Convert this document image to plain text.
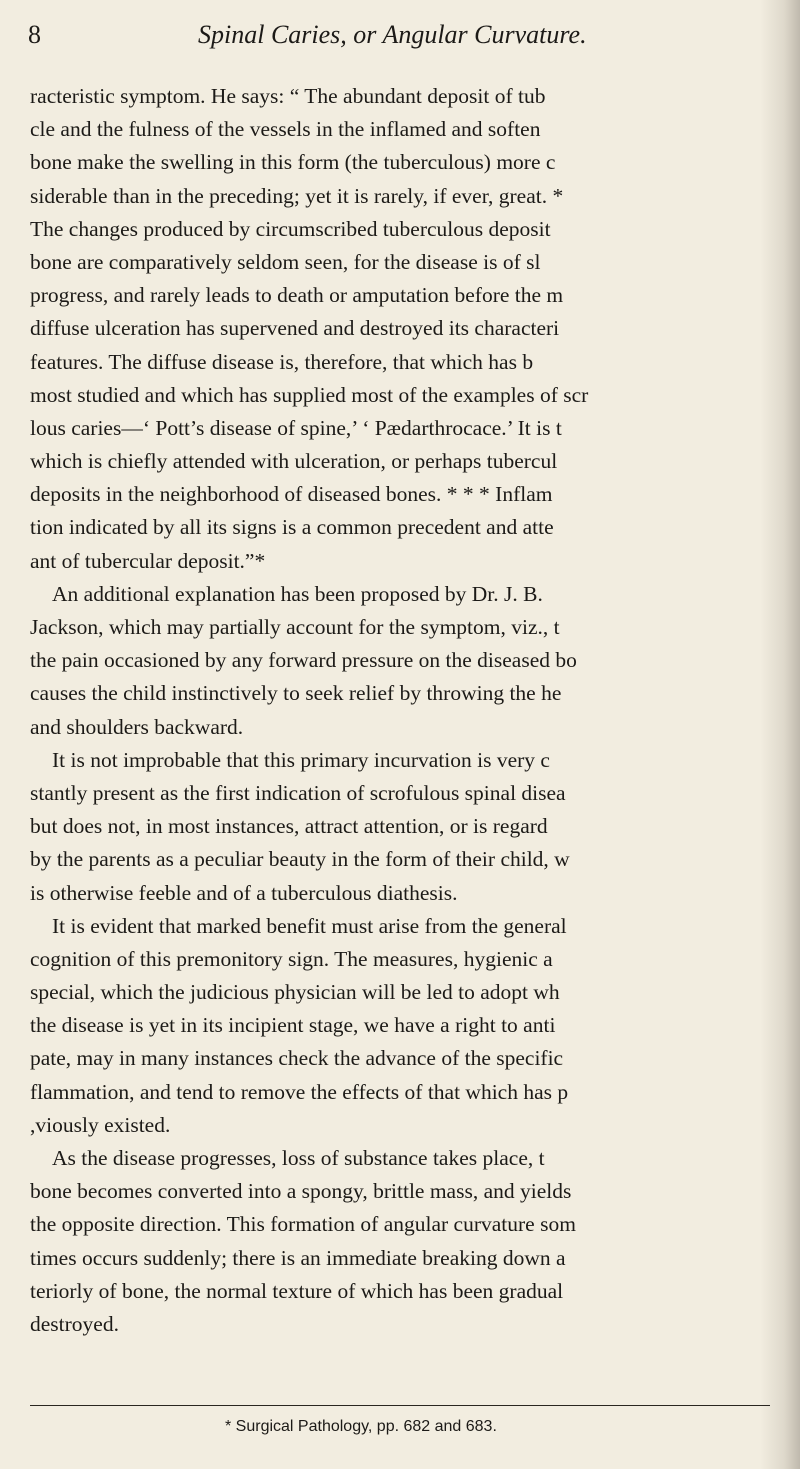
8	Spinal Caries, or Angular Curvature.
racteristic symptom. He says: “ The abundant deposit of tub
cle and the fulness of the vessels in the inflamed and soften
bone make the swelling in this form (the tuberculous) more c
siderable than in the preceding; yet it is rarely, if ever, great. *
The changes produced by circumscribed tuberculous deposit
bone are comparatively seldom seen, for the disease is of sl
progress, and rarely leads to death or amputation before the m
diffuse ulceration has supervened and destroyed its characteri
features. The diffuse disease is, therefore, that which has b
most studied and which has supplied most of the examples of scr
lous caries—‘ Pott’s disease of spine,’ ‘ Pædarthrocace.’ It is t
which is chiefly attended with ulceration, or perhaps tubercul
deposits in the neighborhood of diseased bones. * * * Inflam
tion indicated by all its signs is a common precedent and atte
ant of tubercular deposit.”*
An additional explanation has been proposed by Dr. J. B.
Jackson, which may partially account for the symptom, viz., t
the pain occasioned by any forward pressure on the diseased bo
causes the child instinctively to seek relief by throwing the he
and shoulders backward.
It is not improbable that this primary incurvation is very c
stantly present as the first indication of scrofulous spinal disea
but does not, in most instances, attract attention, or is regard
by the parents as a peculiar beauty in the form of their child, w
is otherwise feeble and of a tuberculous diathesis.
It is evident that marked benefit must arise from the general
cognition of this premonitory sign. The measures, hygienic a
special, which the judicious physician will be led to adopt wh
the disease is yet in its incipient stage, we have a right to anti
pate, may in many instances check the advance of the specific
flammation, and tend to remove the effects of that which has p
,viously existed.
As the disease progresses, loss of substance takes place, t
bone becomes converted into a spongy, brittle mass, and yields
the opposite direction. This formation of angular curvature som
times occurs suddenly; there is an immediate breaking down a
teriorly of bone, the normal texture of which has been gradual
destroyed.
* Surgical Pathology, pp. 682 and 683.
